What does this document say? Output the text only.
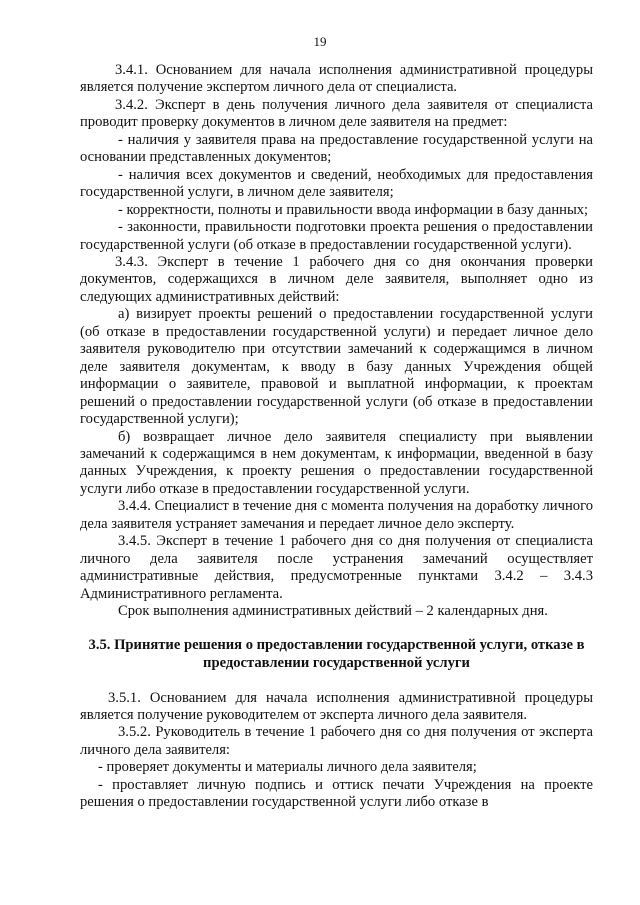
19

3.4.1. Основанием для начала исполнения административной процедуры является получение экспертом личного дела от специалиста.

3.4.2. Эксперт в день получения личного дела заявителя от специалиста проводит проверку документов в личном деле заявителя на предмет:

- наличия у заявителя права на предоставление государственной услуги на основании представленных документов;

- наличия всех документов и сведений, необходимых для предоставления государственной услуги, в личном деле заявителя;

- корректности, полноты и правильности ввода информации в базу данных;

- законности, правильности подготовки проекта решения о предоставлении государственной услуги (об отказе в предоставлении государственной услуги).

3.4.3. Эксперт в течение 1 рабочего дня со дня окончания проверки документов, содержащихся в личном деле заявителя, выполняет одно из следующих административных действий:

а) визирует проекты решений о предоставлении государственной услуги (об отказе в предоставлении государственной услуги) и передает личное дело заявителя руководителю при отсутствии замечаний к содержащимся в личном деле заявителя документам, к вводу в базу данных Учреждения общей информации о заявителе, правовой и выплатной информации, к проектам решений о предоставлении государственной услуги (об отказе в предоставлении государственной услуги);

б) возвращает личное дело заявителя специалисту при выявлении замечаний к содержащимся в нем документам, к информации, введенной в базу данных Учреждения, к проекту решения о предоставлении государственной услуги либо отказе в предоставлении государственной услуги.

3.4.4. Специалист в течение дня с момента получения на доработку личного дела заявителя устраняет замечания и передает личное дело эксперту.

3.4.5. Эксперт в течение 1 рабочего дня со дня получения от специалиста личного дела заявителя после устранения замечаний осуществляет административные действия, предусмотренные пунктами 3.4.2 – 3.4.3 Административного регламента.

Срок выполнения административных действий – 2 календарных дня.

3.5. Принятие решения о предоставлении государственной услуги, отказе в предоставлении государственной услуги

3.5.1. Основанием для начала исполнения административной процедуры является получение руководителем от эксперта личного дела заявителя.

3.5.2. Руководитель в течение 1 рабочего дня со дня получения от эксперта личного дела заявителя:

- проверяет документы и материалы личного дела заявителя;

- проставляет личную подпись и оттиск печати Учреждения на проекте решения о предоставлении государственной услуги либо отказе в
